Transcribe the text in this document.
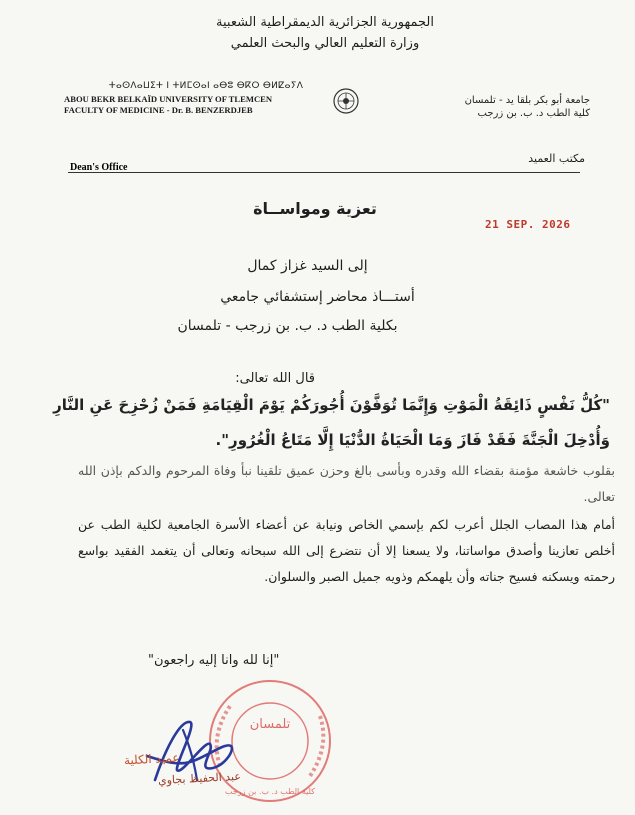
الجمهورية الجزائرية الديمقراطية الشعبية
وزارة التعليم العالي والبحث العلمي
ⵜⴰⵙⴷⴰⵡⵉⵜ ⵏ ⵜⵍⵎⵙⴰⵏ ⴰⴱⵓ ⴱⴽⵔ ⴱⵍⵇⴰⵢⴷ
ABOU BEKR BELKAÏD UNIVERSITY OF TLEMCEN
FACULTY OF MEDICINE - Dr. B. BENZERDJEB
جامعة أبو بكر بلقا يد - تلمسان
كلية الطب د. ب. بن زرجب
Dean's Office
مكتب العميد
تعزية ومواســاة
21 SEP. 2026
إلى السيد غزاز كمال
أستـــاذ محاضر إستشفائي جامعي
بكلية الطب د. ب. بن زرجب - تلمسان
قال الله تعالى:
"كُلُّ نَفْسٍ ذَائِقَةُ الْمَوْتِ وَإِنَّمَا تُوَفَّوْنَ أُجُورَكُمْ يَوْمَ الْقِيَامَةِ فَمَنْ زُحْزِحَ عَنِ النَّارِ
وَأُدْخِلَ الْجَنَّةَ فَقَدْ فَازَ وَمَا الْحَيَاةُ الدُّنْيَا إِلَّا مَتَاعُ الْغُرُورِ".
بقلوب خاشعة مؤمنة بقضاء الله وقدره وبأسى بالغ وحزن عميق تلقينا نبأ وفاة المرحوم والدكم بإذن الله تعالى.
أمام هذا المصاب الجلل أعرب لكم بإسمي الخاص ونيابة عن أعضاء الأسرة الجامعية لكلية الطب عن أخلص تعازينا وأصدق مواساتنا، ولا يسعنا إلا أن نتضرع إلى الله سبحانه وتعالى أن يتغمد الفقيد بواسع رحمته ويسكنه فسيح جناته وأن يلهمكم وذويه جميل الصبر والسلوان.
"إنا لله وانا إليه راجعون"
تلمسان
كلية الطب د. ب. بن زرجب
عميد الكلية
عبد الحفيظ بجاوي
